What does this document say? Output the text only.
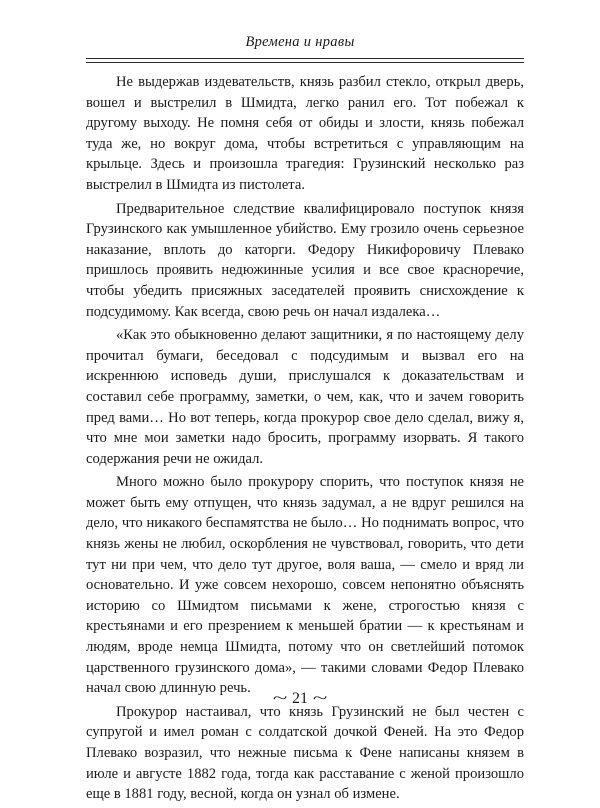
Времена и нравы

Не выдержав издевательств, князь разбил стекло, открыл дверь, вошел и выстрелил в Шмидта, легко ранил его. Тот побежал к другому выходу. Не помня себя от обиды и злости, князь побежал туда же, но вокруг дома, чтобы встретиться с управляющим на крыльце. Здесь и произошла трагедия: Грузинский несколько раз выстрелил в Шмидта из пистолета.

Предварительное следствие квалифицировало поступок князя Грузинского как умышленное убийство. Ему грозило очень серьезное наказание, вплоть до каторги. Федору Никифоровичу Плевако пришлось проявить недюжинные усилия и все свое красноречие, чтобы убедить присяжных заседателей проявить снисхождение к подсудимому. Как всегда, свою речь он начал издалека…

«Как это обыкновенно делают защитники, я по настоящему делу прочитал бумаги, беседовал с подсудимым и вызвал его на искреннюю исповедь души, прислушался к доказательствам и составил себе программу, заметки, о чем, как, что и зачем говорить пред вами… Но вот теперь, когда прокурор свое дело сделал, вижу я, что мне мои заметки надо бросить, программу изорвать. Я такого содержания речи не ожидал.

Много можно было прокурору спорить, что поступок князя не может быть ему отпущен, что князь задумал, а не вдруг решился на дело, что никакого беспамятства не было… Но поднимать вопрос, что князь жены не любил, оскорбления не чувствовал, говорить, что дети тут ни при чем, что дело тут другое, воля ваша, — смело и вряд ли основательно. И уже совсем нехорошо, совсем непонятно объяснять историю со Шмидтом письмами к жене, строгостью князя с крестьянами и его презрением к меньшей братии — к крестьянам и людям, вроде немца Шмидта, потому что он светлейший потомок царственного грузинского дома», — такими словами Федор Плевако начал свою длинную речь.

Прокурор настаивал, что князь Грузинский не был честен с супругой и имел роман с солдатской дочкой Феней. На это Федор Плевако возразил, что нежные письма к Фене написаны князем в июле и августе 1882 года, тогда как расставание с женой произошло еще в 1881 году, весной, когда он узнал об измене.

~ 21 ~
